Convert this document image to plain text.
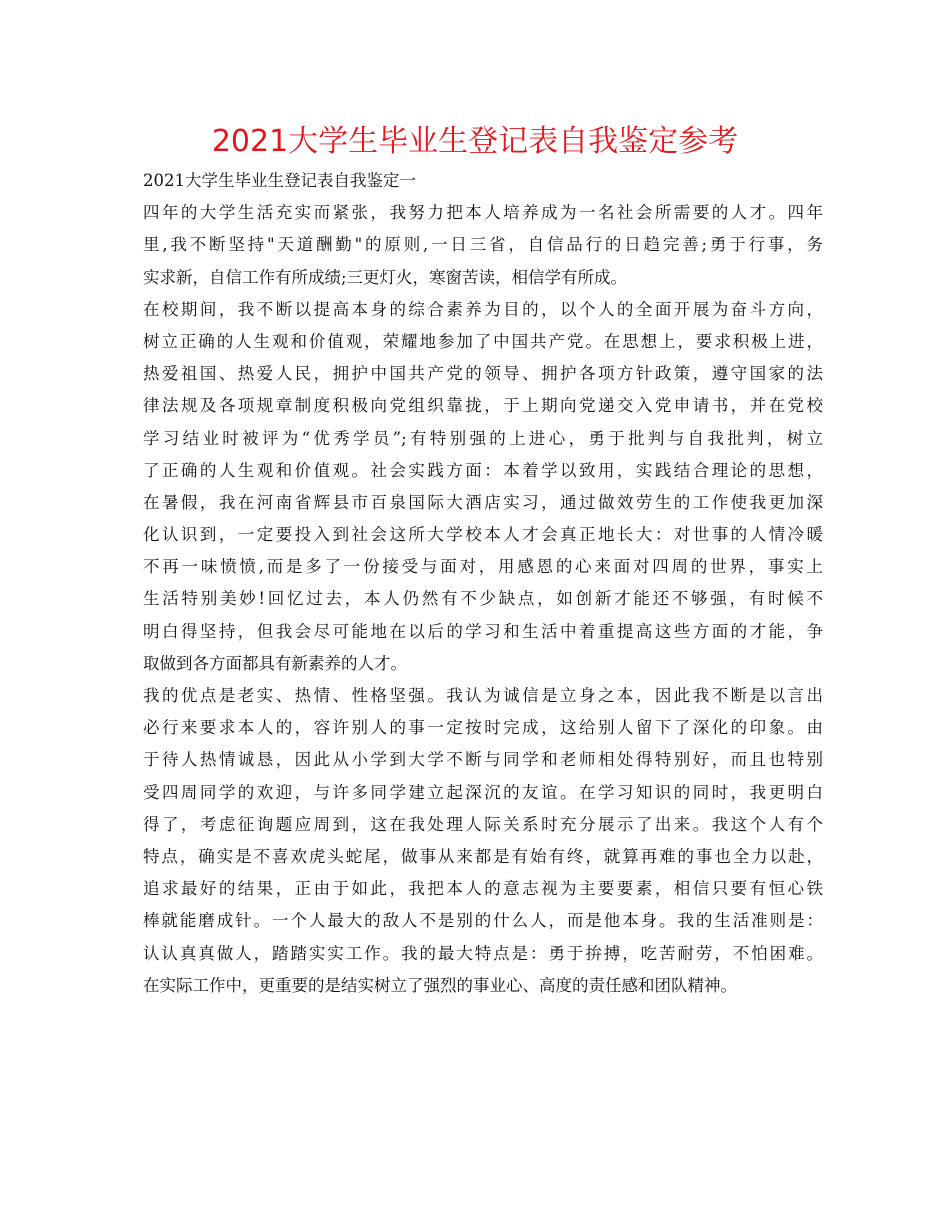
2021大学生毕业生登记表自我鉴定参考
2021大学生毕业生登记表自我鉴定一
四年的大学生活充实而紧张，我努力把本人培养成为一名社会所需要的人才。四年
里,我不断坚持"天道酬勤"的原则,一日三省，自信品行的日趋完善;勇于行事，务
实求新，自信工作有所成绩;三更灯火，寒窗苦读，相信学有所成。
在校期间，我不断以提高本身的综合素养为目的，以个人的全面开展为奋斗方向，
树立正确的人生观和价值观，荣耀地参加了中国共产党。在思想上，要求积极上进，
热爱祖国、热爱人民，拥护中国共产党的领导、拥护各项方针政策，遵守国家的法
律法规及各项规章制度积极向党组织靠拢，于上期向党递交入党申请书，并在党校
学习结业时被评为“优秀学员”;有特别强的上进心，勇于批判与自我批判，树立
了正确的人生观和价值观。社会实践方面：本着学以致用，实践结合理论的思想，
在暑假，我在河南省辉县市百泉国际大酒店实习，通过做效劳生的工作使我更加深
化认识到，一定要投入到社会这所大学校本人才会真正地长大：对世事的人情冷暖
不再一味愤愤,而是多了一份接受与面对，用感恩的心来面对四周的世界，事实上
生活特别美妙!回忆过去，本人仍然有不少缺点，如创新才能还不够强，有时候不
明白得坚持，但我会尽可能地在以后的学习和生活中着重提高这些方面的才能，争
取做到各方面都具有新素养的人才。
我的优点是老实、热情、性格坚强。我认为诚信是立身之本，因此我不断是以言出
必行来要求本人的，容许别人的事一定按时完成，这给别人留下了深化的印象。由
于待人热情诚恳，因此从小学到大学不断与同学和老师相处得特别好，而且也特别
受四周同学的欢迎，与许多同学建立起深沉的友谊。在学习知识的同时，我更明白
得了，考虑征询题应周到，这在我处理人际关系时充分展示了出来。我这个人有个
特点，确实是不喜欢虎头蛇尾，做事从来都是有始有终，就算再难的事也全力以赴，
追求最好的结果，正由于如此，我把本人的意志视为主要要素，相信只要有恒心铁
棒就能磨成针。一个人最大的敌人不是别的什么人，而是他本身。我的生活准则是：
认认真真做人，踏踏实实工作。我的最大特点是：勇于拚搏，吃苦耐劳，不怕困难。
在实际工作中，更重要的是结实树立了强烈的事业心、高度的责任感和团队精神。
